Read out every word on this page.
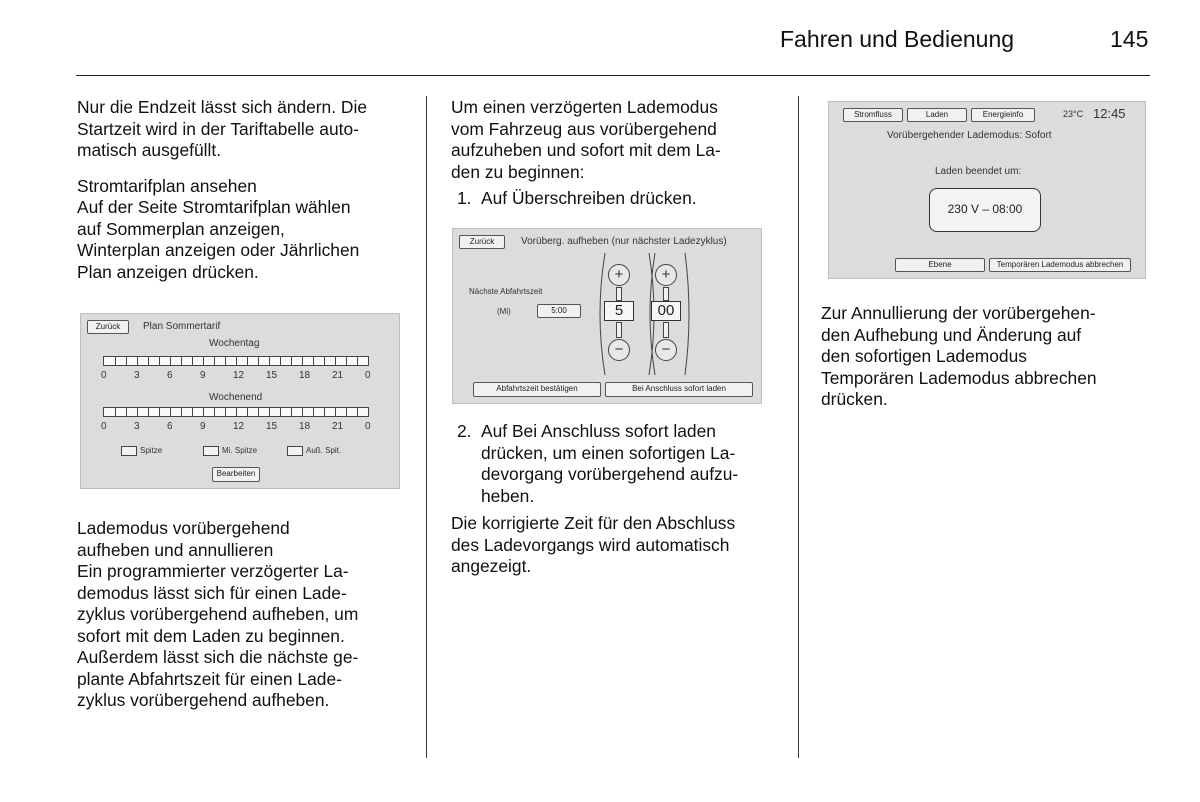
Fahren und Bedienung	145

Nur die Endzeit lässt sich ändern. Die
Startzeit wird in der Tariftabelle auto-
matisch ausgefüllt.

Stromtarifplan ansehen

Auf der Seite Stromtarifplan wählen
auf Sommerplan anzeigen,
Winterplan anzeigen oder Jährlichen
Plan anzeigen drücken.

Zurück	Plan Sommertarif
Wochentag
Wochenend
Spitze	Mi. Spitze	Auß. Spit.
Bearbeiten
0	3	6	9	12 15 18 21 0
0	3	6	9	12 15 18 21 0

Lademodus vorübergehend
aufheben und annullieren

Ein programmierter verzögerter La-
demodus lässt sich für einen Lade-
zyklus vorübergehend aufheben, um
sofort mit dem Laden zu beginnen.
Außerdem lässt sich die nächste ge-
plante Abfahrtszeit für einen Lade-
zyklus vorübergehend aufheben.

Um einen verzögerten Lademodus
vom Fahrzeug aus vorübergehend
aufzuheben und sofort mit dem La-
den zu beginnen:

1. Auf Überschreiben drücken.
Zurück	Vorüberg. aufheben (nur nächster Ladezyklus)
Nächste Abfahrtszeit
(Mi)	5:00
+
5
−
+
00
−
Abfahrtszeit bestätigen	Bei Anschluss sofort laden
2. Auf Bei Anschluss sofort laden
drücken, um einen sofortigen La-
devorgang vorübergehend aufzu-
heben.

Die korrigierte Zeit für den Abschluss
des Ladevorgangs wird automatisch
angezeigt.

Stromfluss	Laden	Energieinfo	23°C 12:45
Vorübergehender Lademodus: Sofort
Laden beendet um:
230 V – 08:00
Ebene	Temporären Lademodus abbrechen

Zur Annullierung der vorübergehen-
den Aufhebung und Änderung auf
den sofortigen Lademodus
Temporären Lademodus abbrechen
drücken.
